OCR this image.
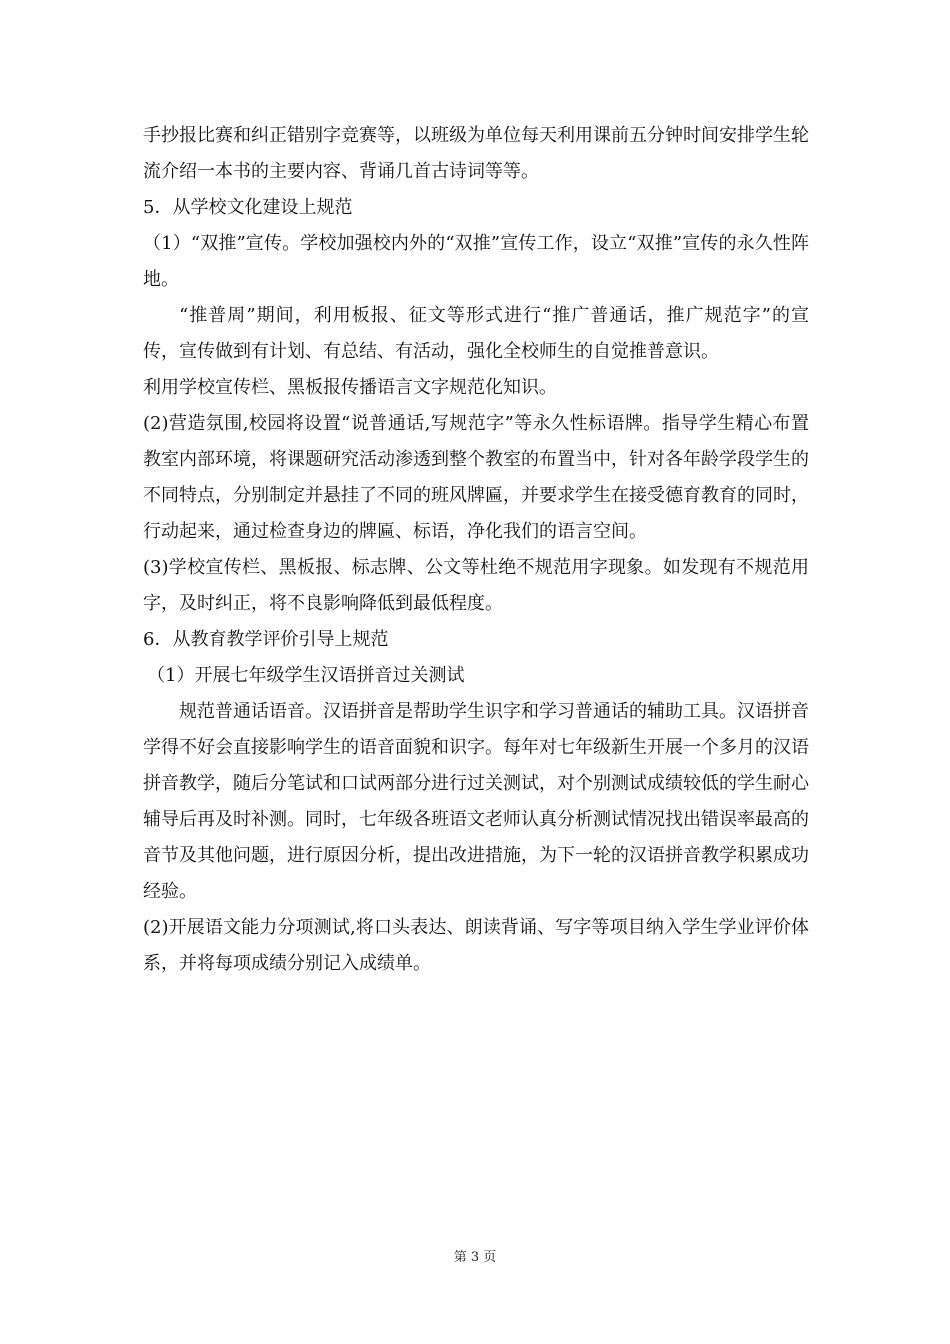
手抄报比赛和纠正错别字竞赛等，以班级为单位每天利用课前五分钟时间安排学生轮流介绍一本书的主要内容、背诵几首古诗词等等。

5．从学校文化建设上规范

（1）“双推”宣传。学校加强校内外的“双推”宣传工作，设立“双推”宣传的永久性阵地。

“推普周”期间，利用板报、征文等形式进行“推广普通话，推广规范字”的宣传，宣传做到有计划、有总结、有活动，强化全校师生的自觉推普意识。

利用学校宣传栏、黑板报传播语言文字规范化知识。

(2)营造氛围,校园将设置“说普通话,写规范字”等永久性标语牌。指导学生精心布置教室内部环境，将课题研究活动渗透到整个教室的布置当中，针对各年龄学段学生的不同特点，分别制定并悬挂了不同的班风牌匾，并要求学生在接受德育教育的同时，行动起来，通过检查身边的牌匾、标语，净化我们的语言空间。

(3)学校宣传栏、黑板报、标志牌、公文等杜绝不规范用字现象。如发现有不规范用字，及时纠正，将不良影响降低到最低程度。

6．从教育教学评价引导上规范

（1）开展七年级学生汉语拼音过关测试

规范普通话语音。汉语拼音是帮助学生识字和学习普通话的辅助工具。汉语拼音学得不好会直接影响学生的语音面貌和识字。每年对七年级新生开展一个多月的汉语拼音教学，随后分笔试和口试两部分进行过关测试，对个别测试成绩较低的学生耐心辅导后再及时补测。同时，七年级各班语文老师认真分析测试情况找出错误率最高的音节及其他问题，进行原因分析，提出改进措施，为下一轮的汉语拼音教学积累成功经验。

(2)开展语文能力分项测试,将口头表达、朗读背诵、写字等项目纳入学生学业评价体系，并将每项成绩分别记入成绩单。

第 3 页
